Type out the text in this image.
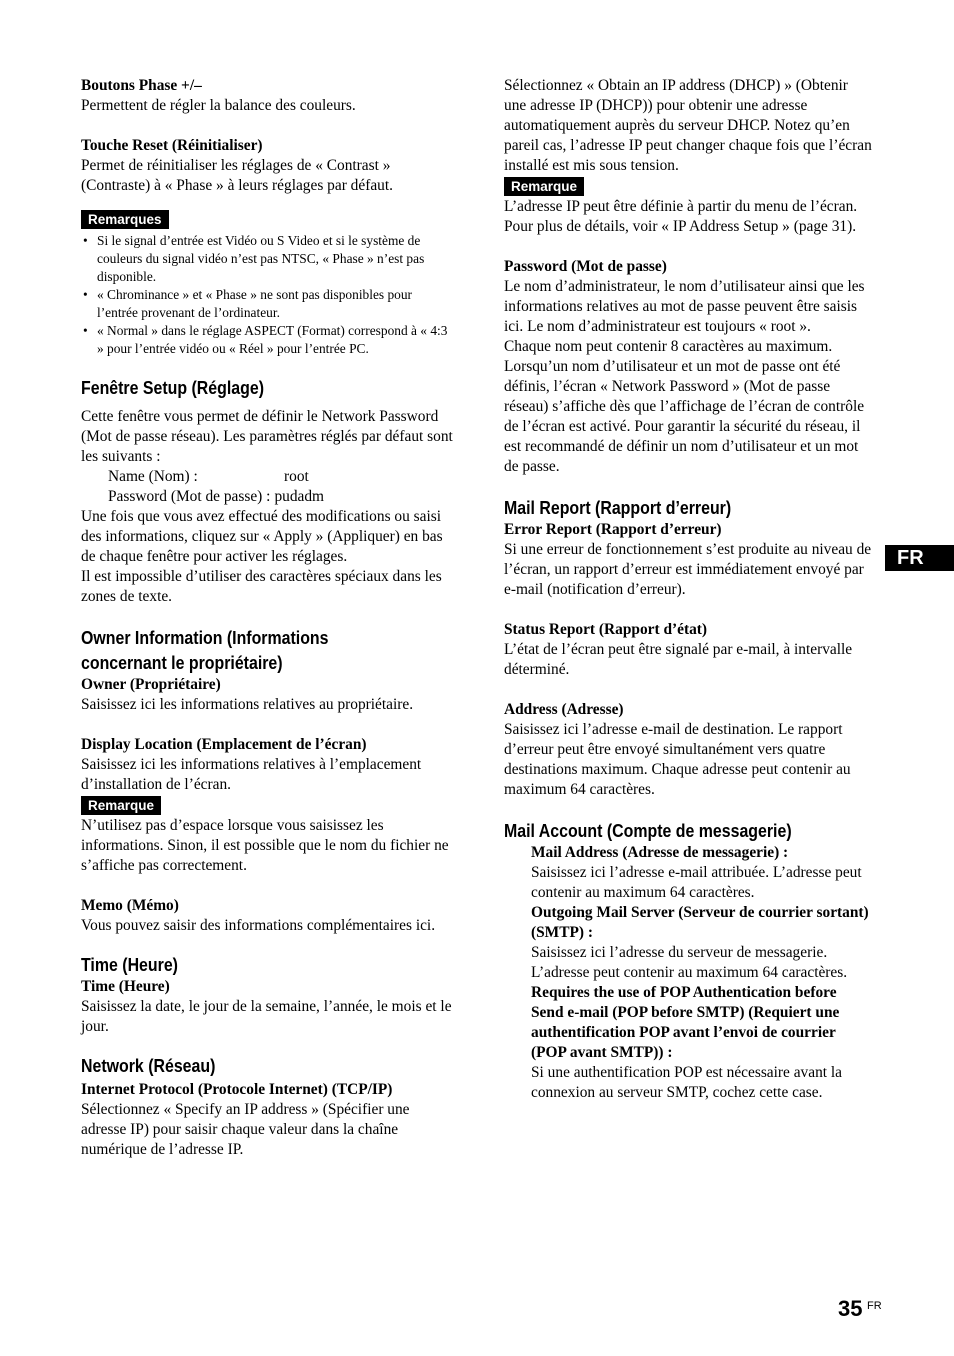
Boutons Phase +/–

Permettent de régler la balance des couleurs.

Touche Reset (Réinitialiser)

Permet de réinitialiser les réglages de « Contrast » (Contraste) à « Phase » à leurs réglages par défaut.

Remarques
• Si le signal d’entrée est Vidéo ou S Video et si le système de couleurs du signal vidéo n’est pas NTSC, « Phase » n’est pas disponible.
• « Chrominance » et « Phase » ne sont pas disponibles pour l’entrée provenant de l’ordinateur.
• « Normal » dans le réglage ASPECT (Format) correspond à « 4:3 » pour l’entrée vidéo ou « Réel » pour l’entrée PC.
Fenêtre Setup (Réglage)

Cette fenêtre vous permet de définir le Network Password (Mot de passe réseau). Les paramètres réglés par défaut sont les suivants :

Name (Nom) :	root
Password (Mot de passe) : pudadm

Une fois que vous avez effectué des modifications ou saisi des informations, cliquez sur « Apply » (Appliquer) en bas de chaque fenêtre pour activer les réglages.

Il est impossible d’utiliser des caractères spéciaux dans les zones de texte.

Owner Information (Informations
concernant le propriétaire)

Owner (Propriétaire)

Saisissez ici les informations relatives au propriétaire.

Display Location (Emplacement de l’écran)

Saisissez ici les informations relatives à l’emplacement d’installation de l’écran.

Remarque

N’utilisez pas d’espace lorsque vous saisissez les informations. Sinon, il est possible que le nom du fichier ne s’affiche pas correctement.

Memo (Mémo)

Vous pouvez saisir des informations complémentaires ici.

Time (Heure)

Time (Heure)

Saisissez la date, le jour de la semaine, l’année, le mois et le jour.

Network (Réseau)

Internet Protocol (Protocole Internet) (TCP/IP)

Sélectionnez « Specify an IP address » (Spécifier une adresse IP) pour saisir chaque valeur dans la chaîne numérique de l’adresse IP.

Sélectionnez « Obtain an IP address (DHCP) » (Obtenir une adresse IP (DHCP)) pour obtenir une adresse automatiquement auprès du serveur DHCP. Notez qu’en pareil cas, l’adresse IP peut changer chaque fois que l’écran installé est mis sous tension.

Remarque

L’adresse IP peut être définie à partir du menu de l’écran. Pour plus de détails, voir « IP Address Setup » (page 31).

Password (Mot de passe)

Le nom d’administrateur, le nom d’utilisateur ainsi que les informations relatives au mot de passe peuvent être saisis ici. Le nom d’administrateur est toujours « root ».

Chaque nom peut contenir 8 caractères au maximum. Lorsqu’un nom d’utilisateur et un mot de passe ont été définis, l’écran « Network Password » (Mot de passe réseau) s’affiche dès que l’affichage de l’écran de contrôle de l’écran est activé. Pour garantir la sécurité du réseau, il est recommandé de définir un nom d’utilisateur et un mot de passe.

Mail Report (Rapport d’erreur)

Error Report (Rapport d’erreur)

Si une erreur de fonctionnement s’est produite au niveau de l’écran, un rapport d’erreur est immédiatement envoyé par e-mail (notification d’erreur).

Status Report (Rapport d’état)

L’état de l’écran peut être signalé par e-mail, à intervalle déterminé.

Address (Adresse)

Saisissez ici l’adresse e-mail de destination. Le rapport d’erreur peut être envoyé simultanément vers quatre destinations maximum. Chaque adresse peut contenir au maximum 64 caractères.

Mail Account (Compte de messagerie)

Mail Address (Adresse de messagerie) :

Saisissez ici l’adresse e-mail attribuée. L’adresse peut contenir au maximum 64 caractères.

Outgoing Mail Server (Serveur de courrier sortant) (SMTP) :

Saisissez ici l’adresse du serveur de messagerie. L’adresse peut contenir au maximum 64 caractères.

Requires the use of POP Authentication before Send e-mail (POP before SMTP) (Requiert une authentification POP avant l’envoi de courrier (POP avant SMTP)) :

Si une authentification POP est nécessaire avant la connexion au serveur SMTP, cochez cette case.

FR
35 FR
